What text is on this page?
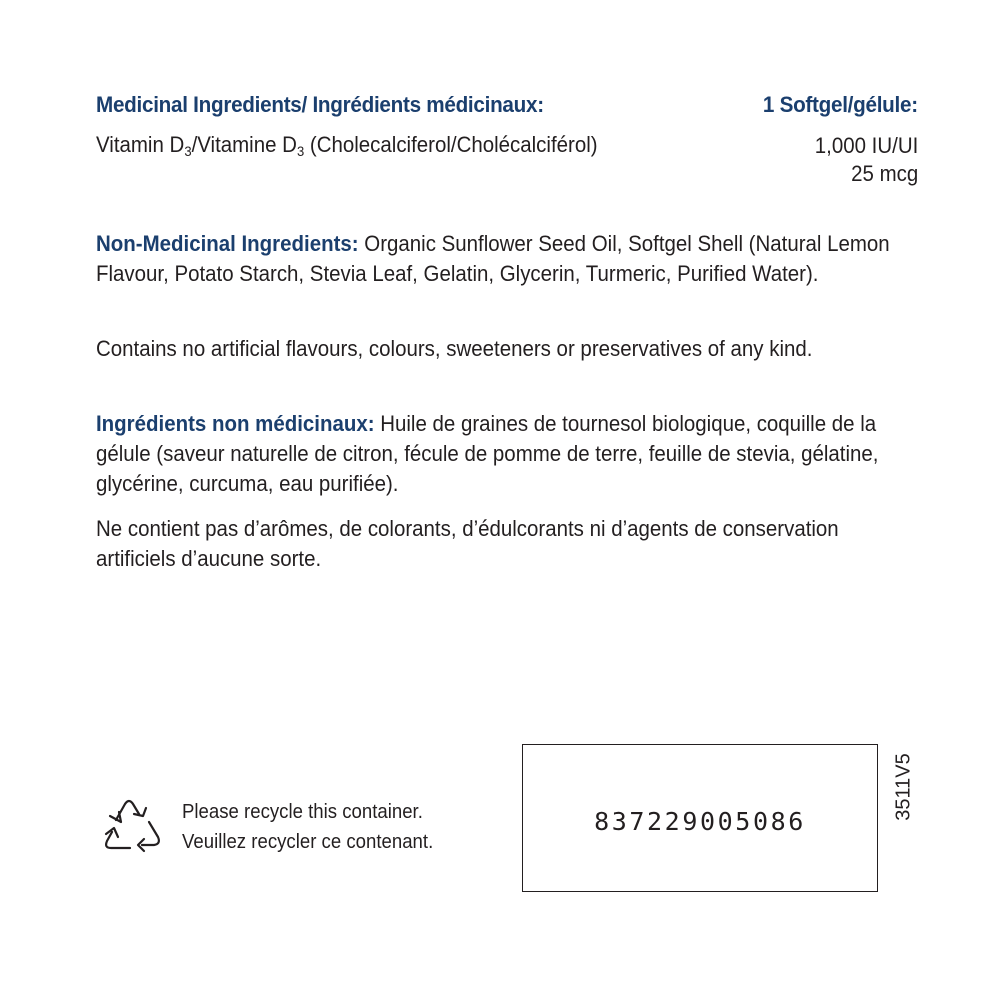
Medicinal Ingredients/ Ingrédients médicinaux:	1 Softgel/gélule:
Vitamin $D_3$/Vitamine $D_3$ (Cholecalciferol/Cholécalciférol)	1,000 IU/UI
25 mcg
Non-Medicinal Ingredients: Organic Sunflower Seed Oil, Softgel Shell (Natural Lemon Flavour, Potato Starch, Stevia Leaf, Gelatin, Glycerin, Turmeric, Purified Water).
Contains no artificial flavours, colours, sweeteners or preservatives of any kind.
Ingrédients non médicinaux: Huile de graines de tournesol biologique, coquille de la gélule (saveur naturelle de citron, fécule de pomme de terre, feuille de stevia, gélatine, glycérine, curcuma, eau purifiée).
Ne contient pas d’arômes, de colorants, d’édulcorants ni d’agents de conservation artificiels d’aucune sorte.
Please recycle this container.
Veuillez recycler ce contenant.
837229005086
3511V5
